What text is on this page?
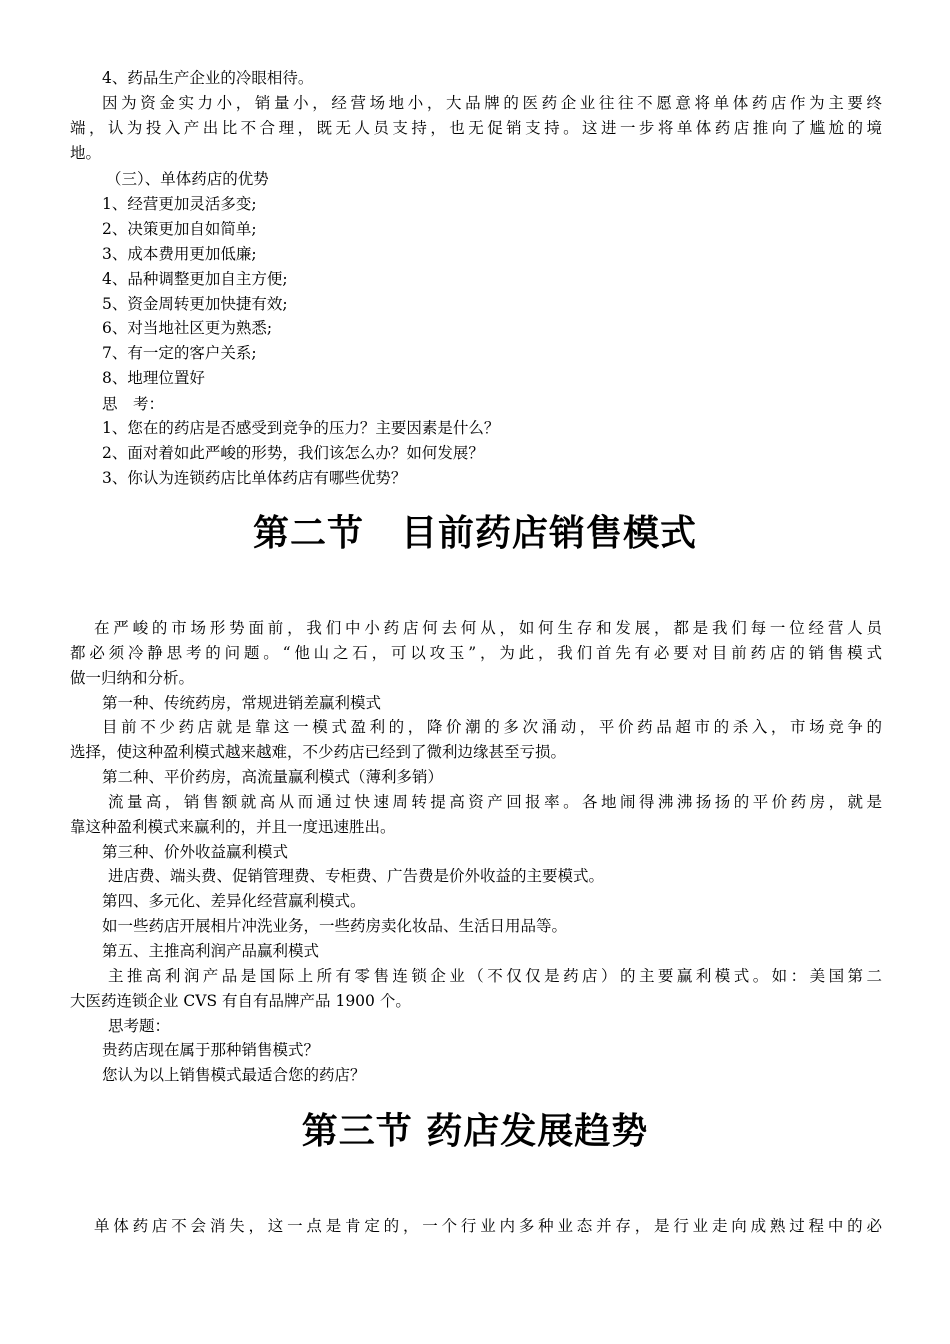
4、药品生产企业的冷眼相待。
因为资金实力小，销量小，经营场地小，大品牌的医药企业往往不愿意将单体药店作为主要终
端，认为投入产出比不合理，既无人员支持，也无促销支持。这进一步将单体药店推向了尴尬的境
地。
（三）、单体药店的优势
1、经营更加灵活多变;
2、决策更加自如简单;
3、成本费用更加低廉;
4、品种调整更加自主方便;
5、资金周转更加快捷有效;
6、对当地社区更为熟悉;
7、有一定的客户关系;
8、地理位置好
思　考：
1、您在的药店是否感受到竞争的压力？主要因素是什么？
2、面对着如此严峻的形势，我们该怎么办？如何发展？
3、你认为连锁药店比单体药店有哪些优势？
第二节　目前药店销售模式
在严峻的市场形势面前，我们中小药店何去何从，如何生存和发展，都是我们每一位经营人员
都必须冷静思考的问题。“他山之石，可以攻玉”，为此，我们首先有必要对目前药店的销售模式
做一归纳和分析。
第一种、传统药房，常规进销差赢利模式
目前不少药店就是靠这一模式盈利的，降价潮的多次涌动，平价药品超市的杀入，市场竞争的
选择，使这种盈利模式越来越难，不少药店已经到了微利边缘甚至亏损。
第二种、平价药房，高流量赢利模式（薄利多销）
流量高，销售额就高从而通过快速周转提高资产回报率。各地闹得沸沸扬扬的平价药房，就是
靠这种盈利模式来赢利的，并且一度迅速胜出。
第三种、价外收益赢利模式
进店费、端头费、促销管理费、专柜费、广告费是价外收益的主要模式。
第四、多元化、差异化经营赢利模式。
如一些药店开展相片冲洗业务，一些药房卖化妆品、生活日用品等。
第五、主推高利润产品赢利模式
主推高利润产品是国际上所有零售连锁企业（不仅仅是药店）的主要赢利模式。如：美国第二
大医药连锁企业 CVS 有自有品牌产品 1900 个。
思考题：
贵药店现在属于那种销售模式？
您认为以上销售模式最适合您的药店？
第三节 药店发展趋势
单体药店不会消失，这一点是肯定的，一个行业内多种业态并存，是行业走向成熟过程中的必
